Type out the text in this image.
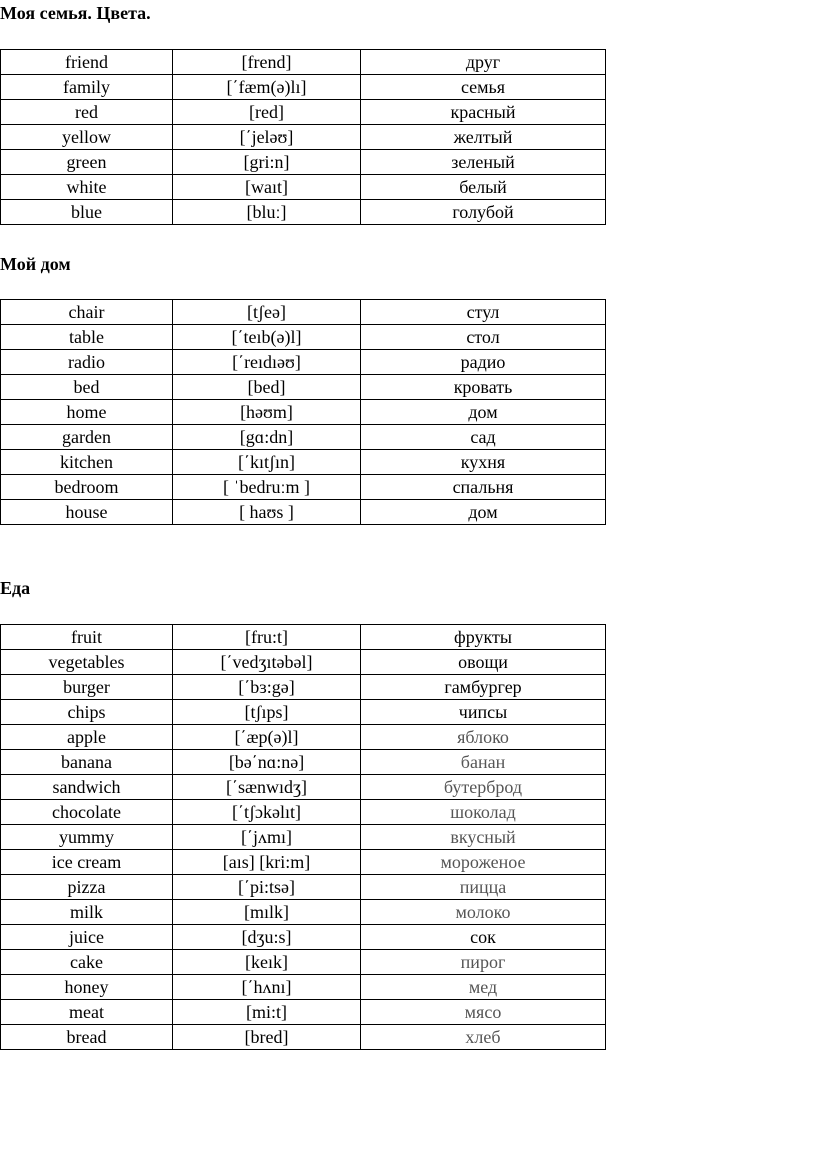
Моя семья. Цвета.
friend	[frend]	друг
family	[΄fæm(ə)lı]	семья
red	[red]	красный
yellow	[΄jeləʊ]	желтый
green	[gri:n]	зеленый
white	[waıt]	белый
blue	[bluː]	голубой
Мой дом
chair	[tʃeə]	стул
table	[΄teıb(ə)l]	стол
radio	[΄reıdıəʊ]	радио
bed	[bed]	кровать
home	[həʊm]	дом
garden	[gɑ:dn]	сад
kitchen	[΄kıtʃın]	кухня
bedroom	[ ˈbedruːm ]	спальня
house	[ haʊs ]	дом
Еда
fruit	[fru:t]	фрукты
vegetables	[΄vedʒıtəbəl]	овощи
burger	[΄bɜ:gə]	гамбургер
chips	[tʃıps]	чипсы
apple	[΄æp(ə)l]	яблоко
banana	[bə΄nɑ:nə]	банан
sandwich	[΄sænwıdʒ]	бутерброд
chocolate	[΄tʃɔkəlıt]	шоколад
yummy	[΄jʌmı]	вкусный
ice cream	[aıs] [kri:m]	мороженое
pizza	[΄pi:tsə]	пицца
milk	[mılk]	молоко
juice	[dʒu:s]	сок
cake	[keık]	пирог
honey	[΄hʌnı]	мед
meat	[mi:t]	мясо
bread	[bred]	хлеб
